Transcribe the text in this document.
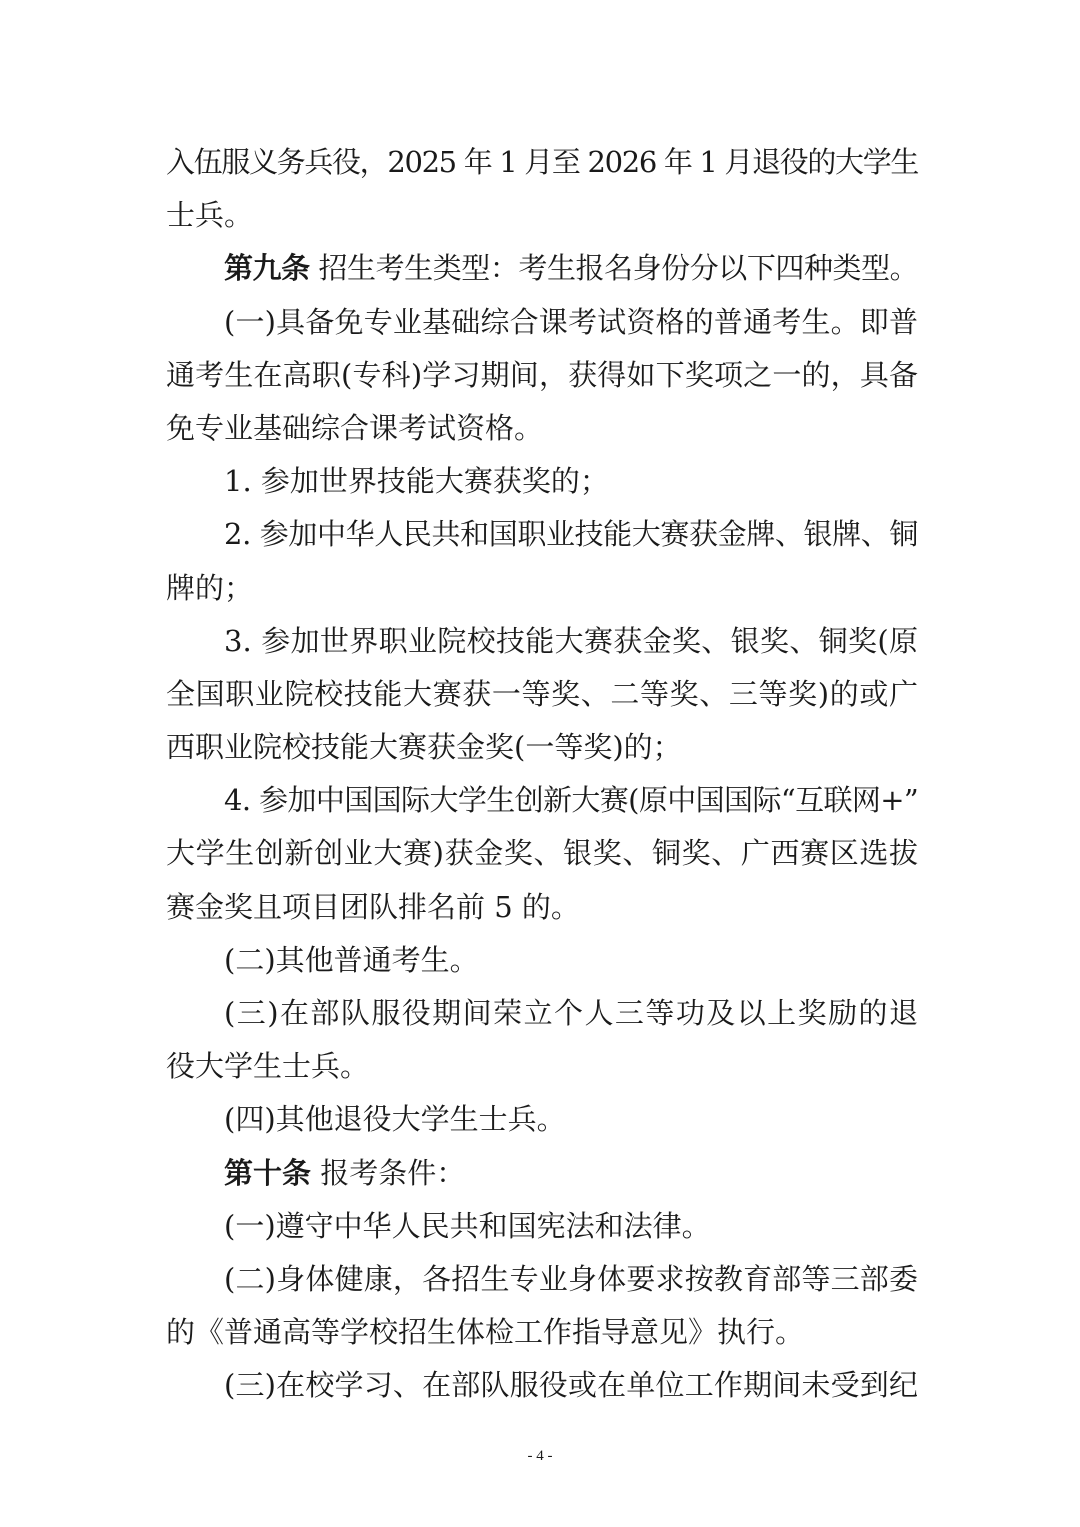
入伍服义务兵役，2025 年 1 月至 2026 年 1 月退役的大学生
士兵。
第九条 招生考生类型：考生报名身份分以下四种类型。
(一)具备免专业基础综合课考试资格的普通考生。即普
通考生在高职(专科)学习期间，获得如下奖项之一的，具备
免专业基础综合课考试资格。
1. 参加世界技能大赛获奖的；
2. 参加中华人民共和国职业技能大赛获金牌、银牌、铜
牌的；
3. 参加世界职业院校技能大赛获金奖、银奖、铜奖(原
全国职业院校技能大赛获一等奖、二等奖、三等奖)的或广
西职业院校技能大赛获金奖(一等奖)的；
4. 参加中国国际大学生创新大赛(原中国国际“互联网+”
大学生创新创业大赛)获金奖、银奖、铜奖、广西赛区选拔
赛金奖且项目团队排名前 5 的。
(二)其他普通考生。
(三)在部队服役期间荣立个人三等功及以上奖励的退
役大学生士兵。
(四)其他退役大学生士兵。
第十条 报考条件：
(一)遵守中华人民共和国宪法和法律。
(二)身体健康，各招生专业身体要求按教育部等三部委
的《普通高等学校招生体检工作指导意见》执行。
(三)在校学习、在部队服役或在单位工作期间未受到纪
- 4 -
